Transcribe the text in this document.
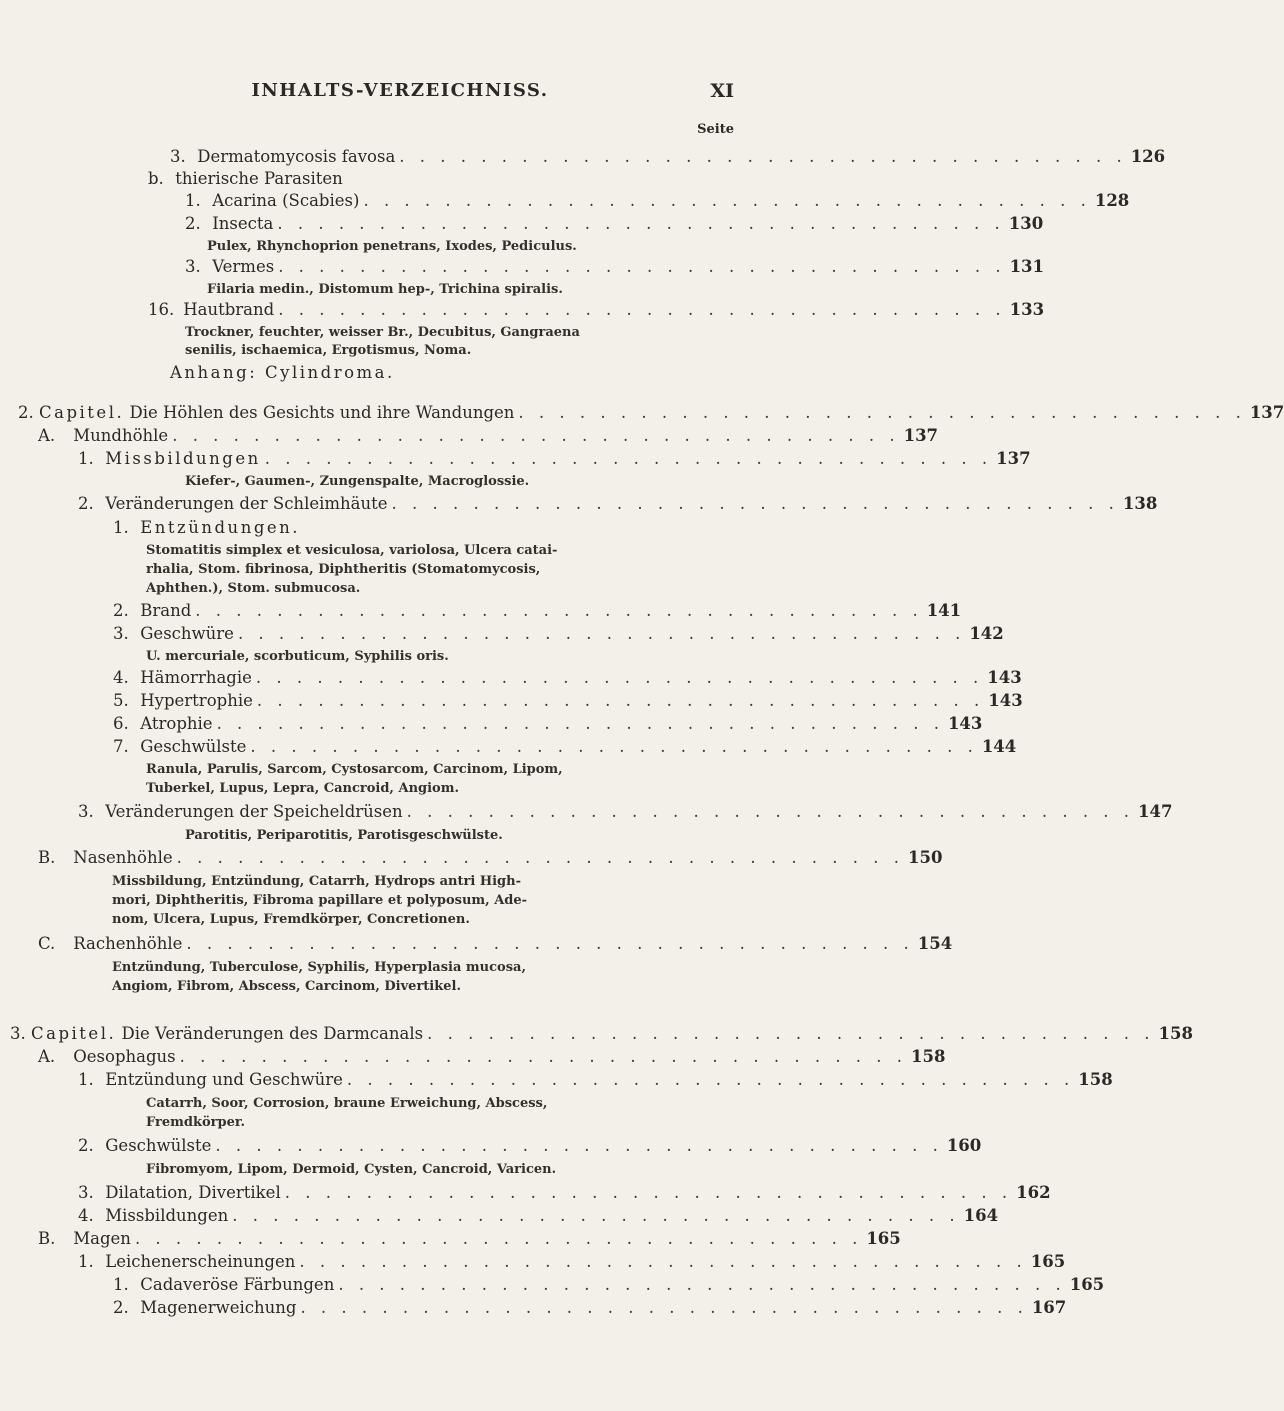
INHALTS-VERZEICHNISS.	XI
Seite
3. Dermatomycosis favosa . . . . . . . . . . . . . . . . . . . . . . . . . . . . . . . . . . . . 126
b. thierische Parasiten
1. Acarina (Scabies) . . . . . . . . . . . . . . . . . . . . . . . . . . . . . . . . . . . . 128
2. Insecta . . . . . . . . . . . . . . . . . . . . . . . . . . . . . . . . . . . . 130
Pulex, Rhynchoprion penetrans, Ixodes, Pediculus.
3. Vermes . . . . . . . . . . . . . . . . . . . . . . . . . . . . . . . . . . . . 131
Filaria medin., Distomum hep-, Trichina spiralis.
16. Hautbrand . . . . . . . . . . . . . . . . . . . . . . . . . . . . . . . . . . . . 133
Trockner, feuchter, weisser Br., Decubitus, Gangraena
senilis, ischaemica, Ergotismus, Noma.
Anhang: Cylindroma.
2. Capitel. Die Höhlen des Gesichts und ihre Wandungen . . . . . . . . . . . . . . . . . . . . . . . . . . . . . . . . . . . . 137
A. Mundhöhle . . . . . . . . . . . . . . . . . . . . . . . . . . . . . . . . . . . . 137
1. Missbildungen . . . . . . . . . . . . . . . . . . . . . . . . . . . . . . . . . . . . 137
Kiefer-, Gaumen-, Zungenspalte, Macroglossie.
2. Veränderungen der Schleimhäute . . . . . . . . . . . . . . . . . . . . . . . . . . . . . . . . . . . . 138
1. Entzündungen.
Stomatitis simplex et vesiculosa, variolosa, Ulcera catai-
rhalia, Stom. fibrinosa, Diphtheritis (Stomatomycosis,
Aphthen.), Stom. submucosa.
2. Brand . . . . . . . . . . . . . . . . . . . . . . . . . . . . . . . . . . . . 141
3. Geschwüre . . . . . . . . . . . . . . . . . . . . . . . . . . . . . . . . . . . . 142
U. mercuriale, scorbuticum, Syphilis oris.
4. Hämorrhagie . . . . . . . . . . . . . . . . . . . . . . . . . . . . . . . . . . . . 143
5. Hypertrophie . . . . . . . . . . . . . . . . . . . . . . . . . . . . . . . . . . . . 143
6. Atrophie . . . . . . . . . . . . . . . . . . . . . . . . . . . . . . . . . . . . 143
7. Geschwülste . . . . . . . . . . . . . . . . . . . . . . . . . . . . . . . . . . . . 144
Ranula, Parulis, Sarcom, Cystosarcom, Carcinom, Lipom,
Tuberkel, Lupus, Lepra, Cancroid, Angiom.
3. Veränderungen der Speicheldrüsen . . . . . . . . . . . . . . . . . . . . . . . . . . . . . . . . . . . . 147
Parotitis, Periparotitis, Parotisgeschwülste.
B. Nasenhöhle . . . . . . . . . . . . . . . . . . . . . . . . . . . . . . . . . . . . 150
Missbildung, Entzündung, Catarrh, Hydrops antri High-
mori, Diphtheritis, Fibroma papillare et polyposum, Ade-
nom, Ulcera, Lupus, Fremdkörper, Concretionen.
C. Rachenhöhle . . . . . . . . . . . . . . . . . . . . . . . . . . . . . . . . . . . . 154
Entzündung, Tuberculose, Syphilis, Hyperplasia mucosa,
Angiom, Fibrom, Abscess, Carcinom, Divertikel.
3. Capitel. Die Veränderungen des Darmcanals . . . . . . . . . . . . . . . . . . . . . . . . . . . . . . . . . . . . 158
A. Oesophagus . . . . . . . . . . . . . . . . . . . . . . . . . . . . . . . . . . . . 158
1. Entzündung und Geschwüre . . . . . . . . . . . . . . . . . . . . . . . . . . . . . . . . . . . . 158
Catarrh, Soor, Corrosion, braune Erweichung, Abscess,
Fremdkörper.
2. Geschwülste . . . . . . . . . . . . . . . . . . . . . . . . . . . . . . . . . . . . 160
Fibromyom, Lipom, Dermoid, Cysten, Cancroid, Varicen.
3. Dilatation, Divertikel . . . . . . . . . . . . . . . . . . . . . . . . . . . . . . . . . . . . 162
4. Missbildungen . . . . . . . . . . . . . . . . . . . . . . . . . . . . . . . . . . . . 164
B. Magen . . . . . . . . . . . . . . . . . . . . . . . . . . . . . . . . . . . . 165
1. Leichenerscheinungen . . . . . . . . . . . . . . . . . . . . . . . . . . . . . . . . . . . . 165
1. Cadaveröse Färbungen . . . . . . . . . . . . . . . . . . . . . . . . . . . . . . . . . . . . 165
2. Magenerweichung . . . . . . . . . . . . . . . . . . . . . . . . . . . . . . . . . . . . 167
